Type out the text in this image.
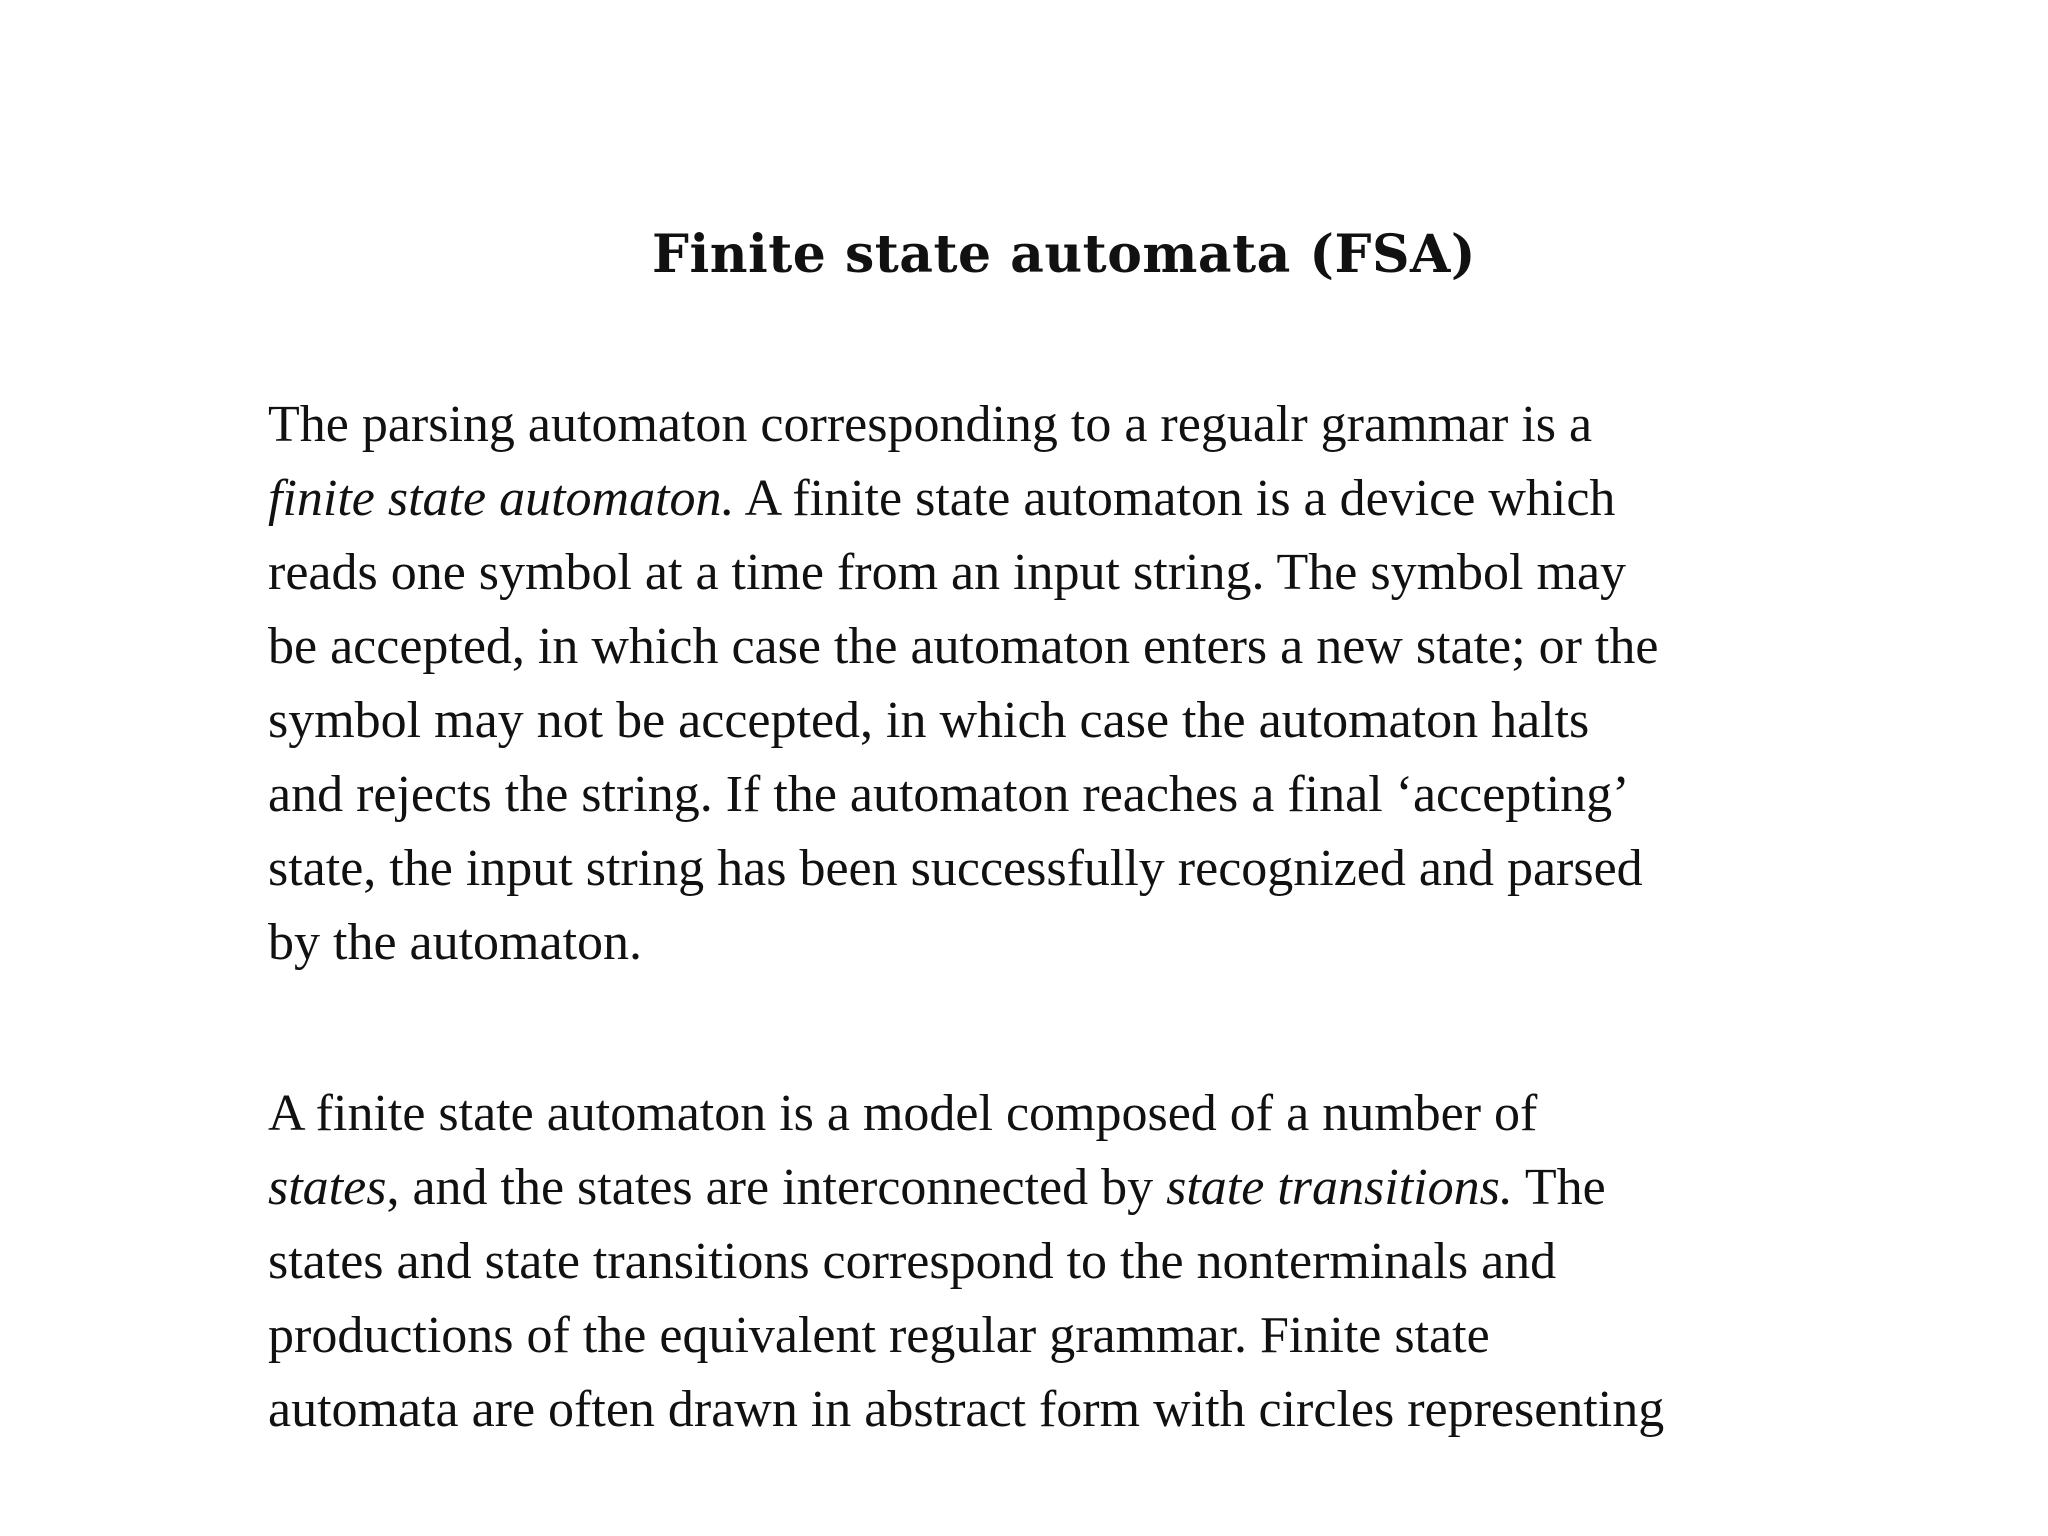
Finite state automata (FSA)

The parsing automaton corresponding to a regualr grammar is a
finite state automaton. A finite state automaton is a device which
reads one symbol at a time from an input string. The symbol may
be accepted, in which case the automaton enters a new state; or the
symbol may not be accepted, in which case the automaton halts
and rejects the string. If the automaton reaches a final ‘accepting’
state, the input string has been successfully recognized and parsed
by the automaton.

A finite state automaton is a model composed of a number of
states, and the states are interconnected by state transitions. The
states and state transitions correspond to the nonterminals and
productions of the equivalent regular grammar. Finite state
automata are often drawn in abstract form with circles representing
